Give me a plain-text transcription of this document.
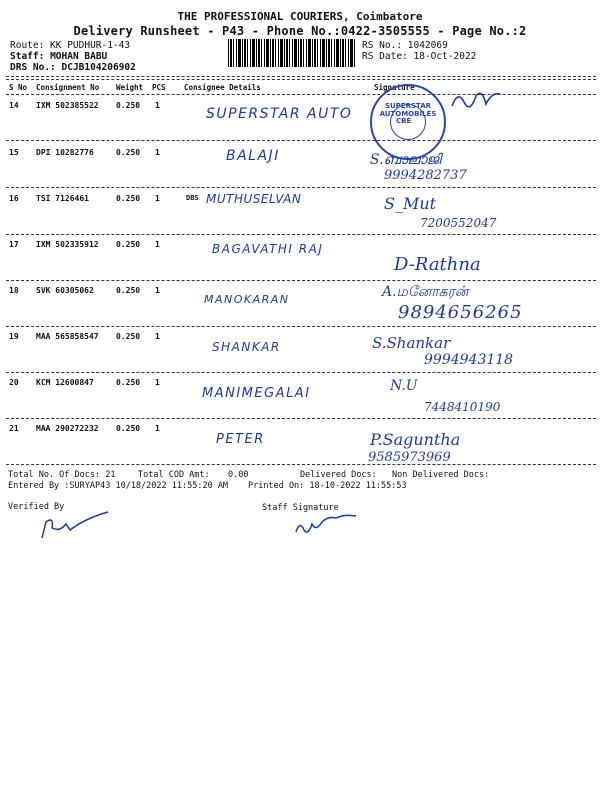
THE PROFESSIONAL COURIERS, Coimbatore
Delivery Runsheet - P43 - Phone No.:0422-3505555 - Page No.:2
Route: KK PUDHUR-1-43
Staff: MOHAN BABU
DRS No.: DCJB104206902
RS No.: 1042069
RS Date: 18-Oct-2022
S No Consignment No Weight PCS Consignee Details	Signature
14 IXM 502385522 0.250 1
SUPERSTAR AUTO	SUPERSTAR AUTOMOBILES
CBE
15 DPI 10282776	0.250 1	BALAJI	S.ബാലാജി
9994282737
16 TSI 7126461	0.250 1	DBS MUTHUSELVAN	S_Mut
7200552047
17 IXM 502335912 0.250 1	BAGAVATHI RAJ
D-Rathna
18 SVK 60305062	0.250 1
MANOKARAN	A.மனோகரன்
9894656265
19 MAA 565858547 0.250 1
SHANKAR	S.Shankar
9994943118
20 KCM 12600847	0.250 1
MANIMEGALAI	N.U
7448410190
21 MAA 290272232 0.250 1
PETER	P.Saguntha
9585973969
Total No. Of Docs: 21	Total COD Amt: 0.00	Delivered Docs: Non Delivered Docs:
Entered By :SURYAP43 10/18/2022 11:55:20 AM Printed On: 18-10-2022 11:55:53
Verified By	Staff Signature
